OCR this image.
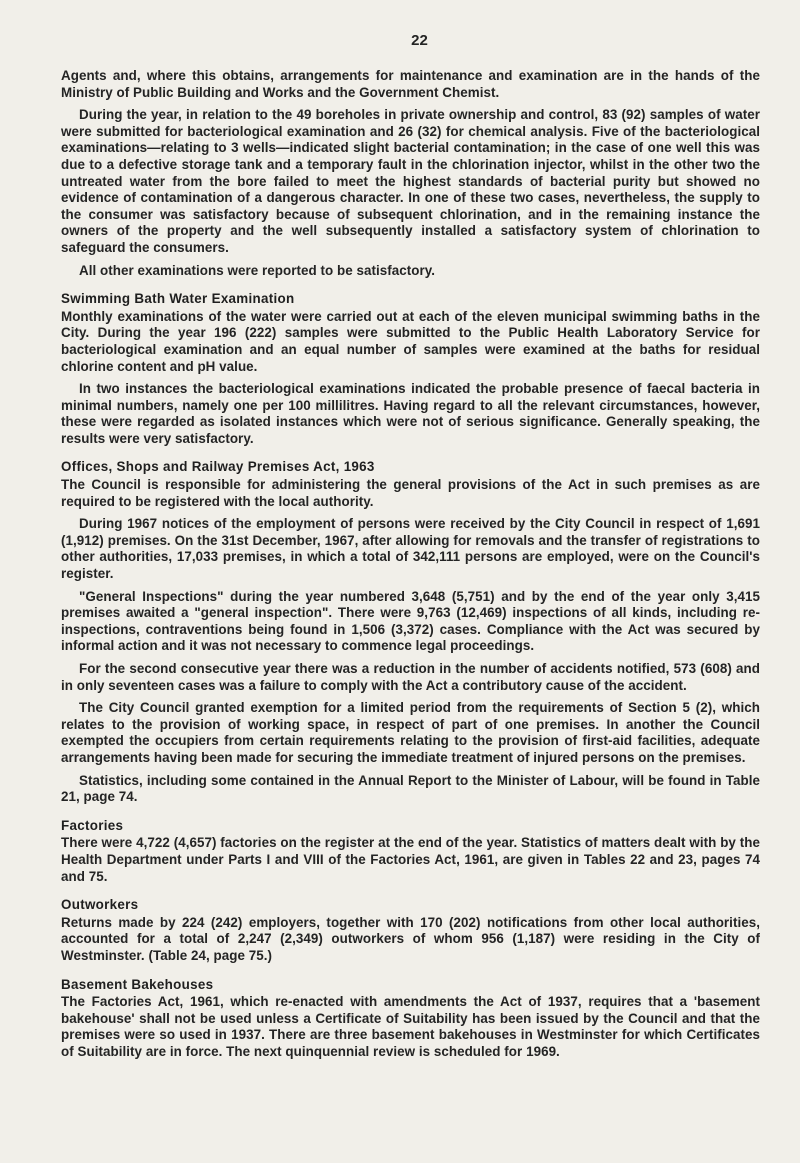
22

Agents and, where this obtains, arrangements for maintenance and examination are in the hands of the Ministry of Public Building and Works and the Government Chemist.

During the year, in relation to the 49 boreholes in private ownership and control, 83 (92) samples of water were submitted for bacteriological examination and 26 (32) for chemical analysis. Five of the bacteriological examinations—relating to 3 wells—indicated slight bacterial contamination; in the case of one well this was due to a defective storage tank and a temporary fault in the chlorination injector, whilst in the other two the untreated water from the bore failed to meet the highest standards of bacterial purity but showed no evidence of contamination of a dangerous character. In one of these two cases, nevertheless, the supply to the consumer was satisfactory because of subsequent chlorination, and in the remaining instance the owners of the property and the well subsequently installed a satisfactory system of chlorination to safeguard the consumers.

All other examinations were reported to be satisfactory.

Swimming Bath Water Examination

Monthly examinations of the water were carried out at each of the eleven municipal swimming baths in the City. During the year 196 (222) samples were submitted to the Public Health Laboratory Service for bacteriological examination and an equal number of samples were examined at the baths for residual chlorine content and pH value.

In two instances the bacteriological examinations indicated the probable presence of faecal bacteria in minimal numbers, namely one per 100 millilitres. Having regard to all the relevant circumstances, however, these were regarded as isolated instances which were not of serious significance. Generally speaking, the results were very satisfactory.

Offices, Shops and Railway Premises Act, 1963

The Council is responsible for administering the general provisions of the Act in such premises as are required to be registered with the local authority.

During 1967 notices of the employment of persons were received by the City Council in respect of 1,691 (1,912) premises. On the 31st December, 1967, after allowing for removals and the transfer of registrations to other authorities, 17,033 premises, in which a total of 342,111 persons are employed, were on the Council's register.

"General Inspections" during the year numbered 3,648 (5,751) and by the end of the year only 3,415 premises awaited a "general inspection". There were 9,763 (12,469) inspections of all kinds, including re-inspections, contraventions being found in 1,506 (3,372) cases. Compliance with the Act was secured by informal action and it was not necessary to commence legal proceedings.

For the second consecutive year there was a reduction in the number of accidents notified, 573 (608) and in only seventeen cases was a failure to comply with the Act a contributory cause of the accident.

The City Council granted exemption for a limited period from the requirements of Section 5 (2), which relates to the provision of working space, in respect of part of one premises. In another the Council exempted the occupiers from certain requirements relating to the provision of first-aid facilities, adequate arrangements having been made for securing the immediate treatment of injured persons on the premises.

Statistics, including some contained in the Annual Report to the Minister of Labour, will be found in Table 21, page 74.

Factories

There were 4,722 (4,657) factories on the register at the end of the year. Statistics of matters dealt with by the Health Department under Parts I and VIII of the Factories Act, 1961, are given in Tables 22 and 23, pages 74 and 75.

Outworkers

Returns made by 224 (242) employers, together with 170 (202) notifications from other local authorities, accounted for a total of 2,247 (2,349) outworkers of whom 956 (1,187) were residing in the City of Westminster. (Table 24, page 75.)

Basement Bakehouses

The Factories Act, 1961, which re-enacted with amendments the Act of 1937, requires that a 'basement bakehouse' shall not be used unless a Certificate of Suitability has been issued by the Council and that the premises were so used in 1937. There are three basement bakehouses in Westminster for which Certificates of Suitability are in force. The next quinquennial review is scheduled for 1969.
